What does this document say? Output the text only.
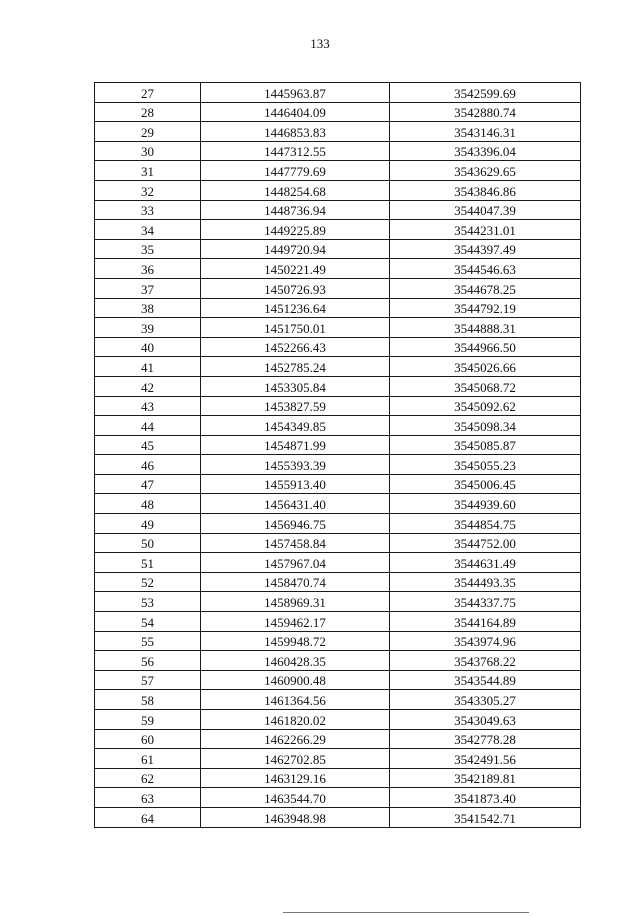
133
27	1445963.87	3542599.69
28	1446404.09	3542880.74
29	1446853.83	3543146.31
30	1447312.55	3543396.04
31	1447779.69	3543629.65
32	1448254.68	3543846.86
33	1448736.94	3544047.39
34	1449225.89	3544231.01
35	1449720.94	3544397.49
36	1450221.49	3544546.63
37	1450726.93	3544678.25
38	1451236.64	3544792.19
39	1451750.01	3544888.31
40	1452266.43	3544966.50
41	1452785.24	3545026.66
42	1453305.84	3545068.72
43	1453827.59	3545092.62
44	1454349.85	3545098.34
45	1454871.99	3545085.87
46	1455393.39	3545055.23
47	1455913.40	3545006.45
48	1456431.40	3544939.60
49	1456946.75	3544854.75
50	1457458.84	3544752.00
51	1457967.04	3544631.49
52	1458470.74	3544493.35
53	1458969.31	3544337.75
54	1459462.17	3544164.89
55	1459948.72	3543974.96
56	1460428.35	3543768.22
57	1460900.48	3543544.89
58	1461364.56	3543305.27
59	1461820.02	3543049.63
60	1462266.29	3542778.28
61	1462702.85	3542491.56
62	1463129.16	3542189.81
63	1463544.70	3541873.40
64	1463948.98	3541542.71
